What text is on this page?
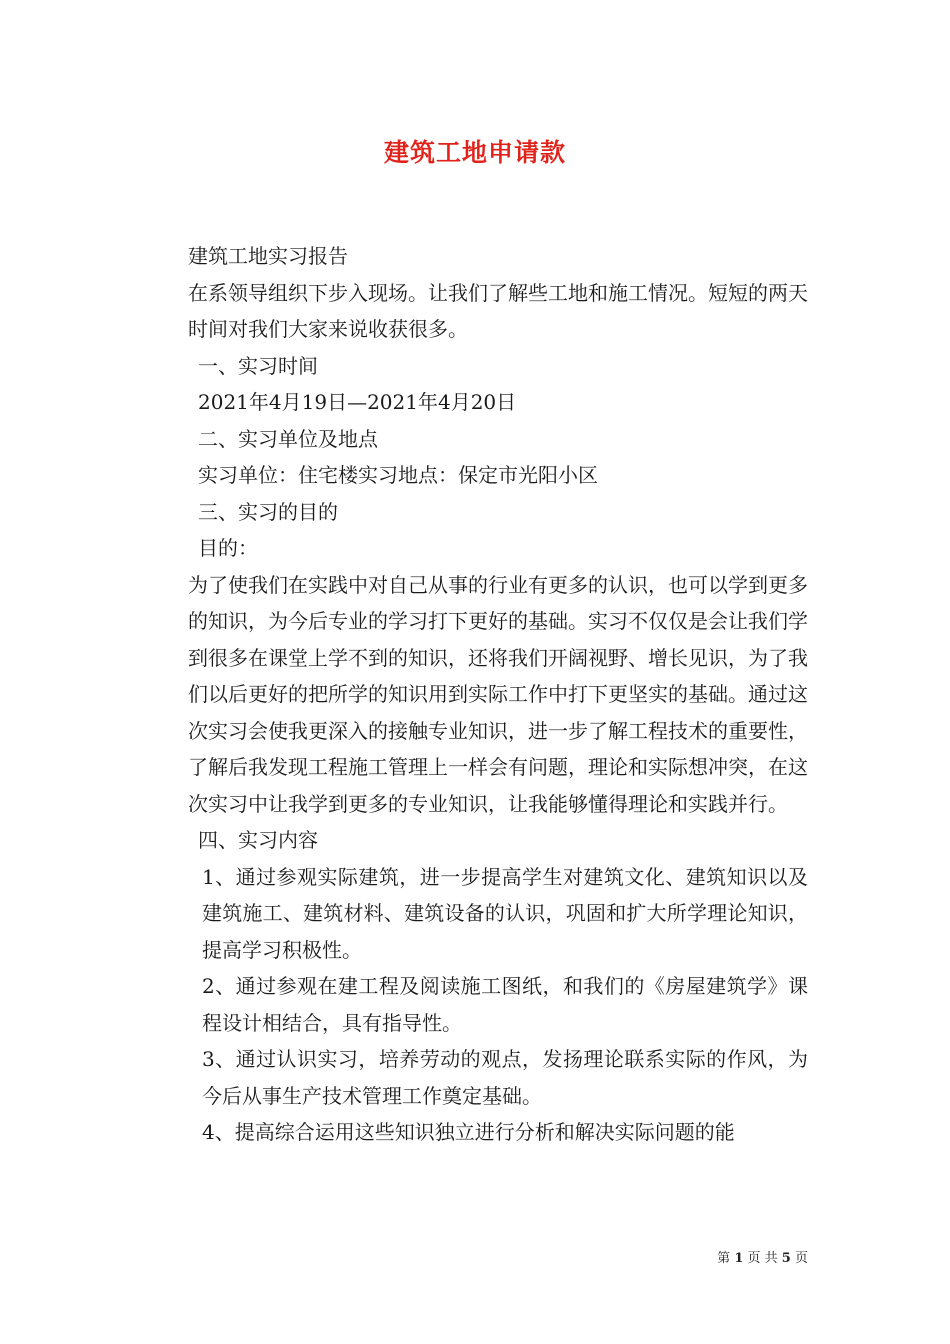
建筑工地申请款

建筑工地实习报告

在系领导组织下步入现场。让我们了解些工地和施工情况。短短的两天时间对我们大家来说收获很多。

一、实习时间

2021年4月19日—2021年4月20日

二、实习单位及地点

实习单位：住宅楼实习地点：保定市光阳小区

三、实习的目的

目的：

为了使我们在实践中对自己从事的行业有更多的认识，也可以学到更多的知识，为今后专业的学习打下更好的基础。实习不仅仅是会让我们学到很多在课堂上学不到的知识，还将我们开阔视野、增长见识，为了我们以后更好的把所学的知识用到实际工作中打下更坚实的基础。通过这次实习会使我更深入的接触专业知识，进一步了解工程技术的重要性，了解后我发现工程施工管理上一样会有问题，理论和实际想冲突，在这次实习中让我学到更多的专业知识，让我能够懂得理论和实践并行。

四、实习内容

1、通过参观实际建筑，进一步提高学生对建筑文化、建筑知识以及建筑施工、建筑材料、建筑设备的认识，巩固和扩大所学理论知识，提高学习积极性。

2、通过参观在建工程及阅读施工图纸，和我们的《房屋建筑学》课程设计相结合，具有指导性。

3、通过认识实习，培养劳动的观点，发扬理论联系实际的作风，为今后从事生产技术管理工作奠定基础。

4、提高综合运用这些知识独立进行分析和解决实际问题的能

第 1 页 共 5 页
